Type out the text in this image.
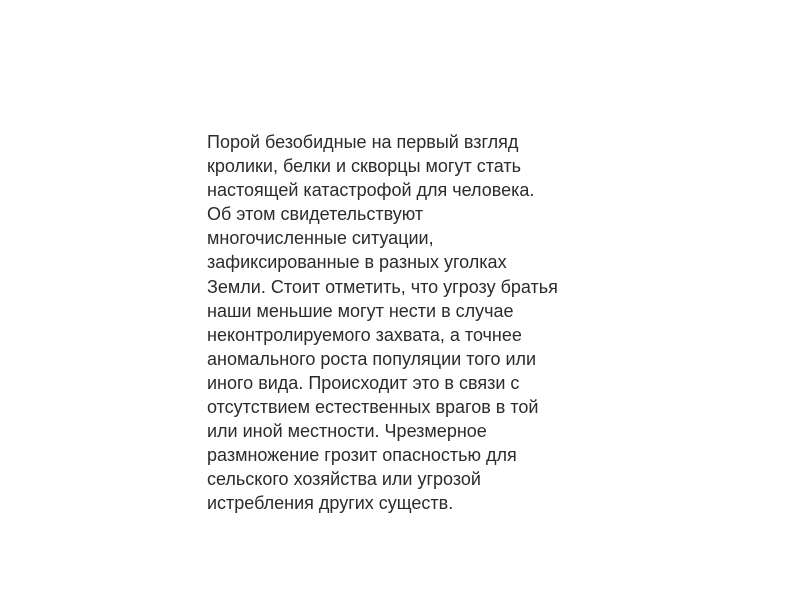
Порой безобидные на первый взгляд
кролики, белки и скворцы могут стать
настоящей катастрофой для человека.
Об этом свидетельствуют
многочисленные ситуации,
зафиксированные в разных уголках
Земли. Стоит отметить, что угрозу братья
наши меньшие могут нести в случае
неконтролируемого захвата, а точнее
аномального роста популяции того или
иного вида. Происходит это в связи с
отсутствием естественных врагов в той
или иной местности. Чрезмерное
размножение грозит опасностью для
сельского хозяйства или угрозой
истребления других существ.
